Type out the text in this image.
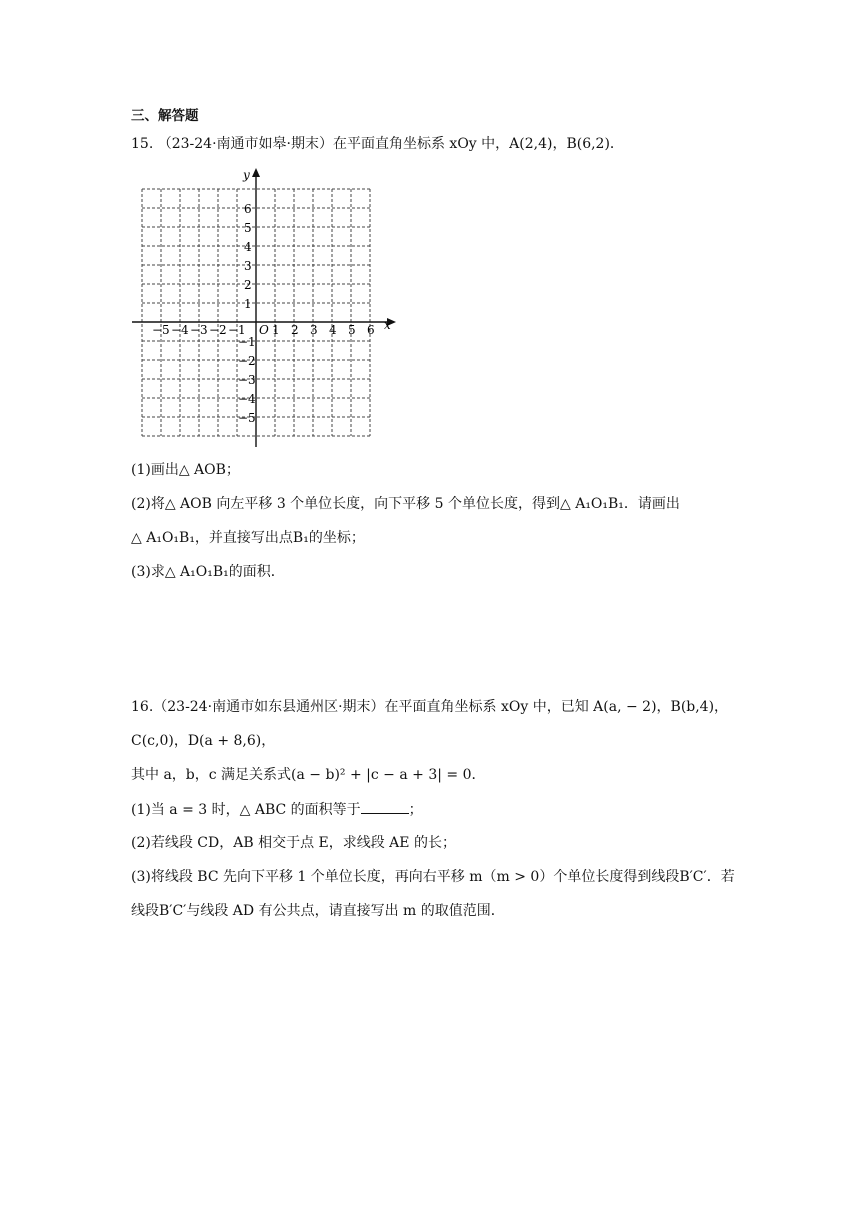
三、解答题
15. （23-24·南通市如皋·期末）在平面直角坐标系 xOy 中，A(2,4)，B(6,2)．
x
y
O
−5 −4 −3 −2 −1 1 2 3 4 5 6
1
2
3
4
5
6
−1
−2
−3
−4
−5
(1)画出△ AOB；
(2)将△ AOB 向左平移 3 个单位长度，向下平移 5 个单位长度，得到△ A₁O₁B₁．请画出
△ A₁O₁B₁，并直接写出点B₁的坐标；
(3)求△ A₁O₁B₁的面积．
16.（23-24·南通市如东县通州区·期末）在平面直角坐标系 xOy 中，已知 A(a, − 2)，B(b,4)，
C(c,0)，D(a + 8,6)，
其中 a，b，c 满足关系式(a − b)² + |c − a + 3| = 0．
(1)当 a = 3 时，△ ABC 的面积等于	；
(2)若线段 CD，AB 相交于点 E，求线段 AE 的长；
(3)将线段 BC 先向下平移 1 个单位长度，再向右平移 m（m > 0）个单位长度得到线段B′C′．若
线段B′C′与线段 AD 有公共点，请直接写出 m 的取值范围．
